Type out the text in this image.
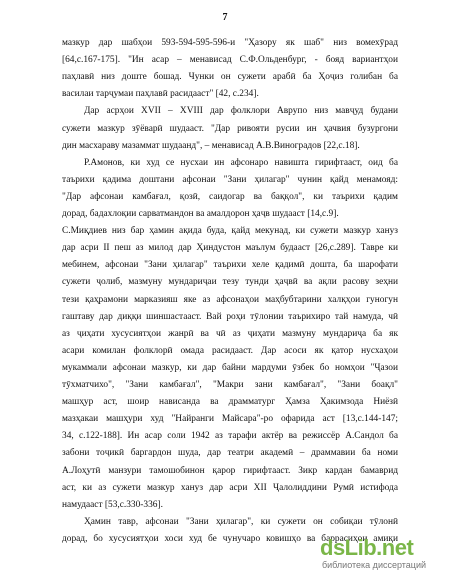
7
мазкур дар шабҳои 593-594-595-596-и "Ҳазору як шаб" низ вомехӯрад
[64,с.167-175]. "Ин асар – менависад С.Ф.Ольденбург, - бояд вариантҳои
паҳлавӣ низ доште бошад. Чунки он сужети арабӣ ба Ҳоҷиз голибан ба
василаи тарҷумаи паҳлавӣ расидааст" [42, с.234].
Дар асрҳои XVII – XVIII дар фолклори Аврупо низ мавҷуд будани
сужети мазкур зӯёварӣ шудааст. "Дар ривояти русии ин ҳачвия бузургони
дин масхараву мазаммат шудаанд", – менависад А.В.Виноградов [22,с.18].
Р.Амонов, ки худ се нусхаи ин афсонаро навишта гирифтааст, оид ба
таърихи қадима доштани афсонаи "Зани ҳилагар" чунин қайд менамояд:
"Дар афсонаи камбағал, қозӣ, саидогар ва баққол", ки таърихи қадим
дорад, бадахлоқии сарватмандон ва амалдорон ҳаҷв шудааст [14,с.9].
С.Миқдиев низ бар ҳамин ақида буда, қайд мекунад, ки сужети мазкур хануз
дар асри II пеш аз милод дар Ҳиндустон маълум будааст [26,с.289]. Тавре ки
мебинем, афсонаи "Зани ҳилагар" таърихи хеле қадимӣ дошта, ба шарофати
сужети ҷолиб, мазмуну мундариҷаи тезу тунди ҳаҷвӣ ва ақли расову зеҳни
тези қаҳрамони марказияш яке аз афсонаҳои маҳбубтарини халқҳои гуногун
гаштаву дар диққи шиншастааст. Вай роҳи тӯлонии таърихиро тай намуда, чӣ
аз ҷиҳати хусусиятҳои жанрӣ ва чӣ аз ҷиҳати мазмуну мундариҷа ба як
асари комилан фолклорӣ омада расидааст. Дар асоси як қатор нусхаҳои
мукаммали афсонаи мазкур, ки дар байни мардуми ӯзбек бо номҳои "Ҷазои
тӯхматчихо", "Зани камбағал", "Макри зани камбағал", "Зани боақл"
машҳур аст, шоир нависанда ва драмматург Ҳамза Ҳакимзода Ниёзӣ
мазҳакаи машҳури худ "Найранги Майсара"-ро офарида аст [13,с.144-147;
34, с.122-188]. Ин асар соли 1942 аз тарафи актёр ва режиссёр А.Сандол ба
забони тоҷикӣ баргардон шуда, дар театри академӣ – драммавии ба номи
А.Лоҳутӣ манзури тамошобинон қарор гирифтааст. Зикр кардан бамаврид
аст, ки аз сужети мазкур хануз дар асри XII Ҷалолиддини Румӣ истифода
намудааст [53,с.330-336].
Ҳамин тавр, афсонаи "Зани ҳилагар", ки сужети он собиқаи тӯлонӣ
дорад, бо хусусиятҳои хоси худ бе чунучаро ковишҳо ва баррасиҳои амиқи
dsLib.net
библиотека диссертаций
